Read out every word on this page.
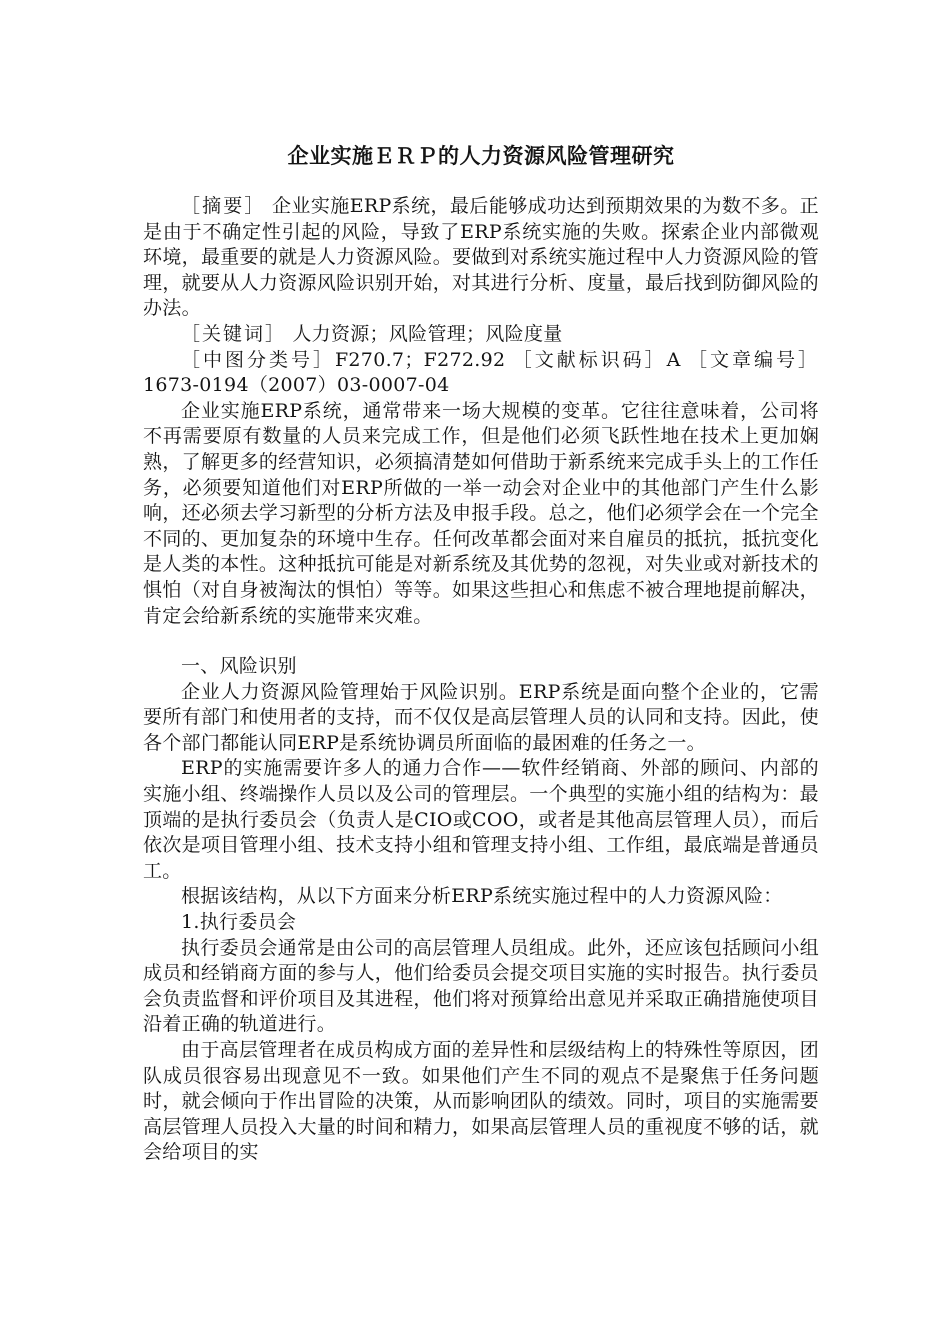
企业实施ＥＲＰ的人力资源风险管理研究

［摘要］ 企业实施ERP系统，最后能够成功达到预期效果的为数不多。正是由于不确定性引起的风险，导致了ERP系统实施的失败。探索企业内部微观环境，最重要的就是人力资源风险。要做到对系统实施过程中人力资源风险的管理，就要从人力资源风险识别开始，对其进行分析、度量，最后找到防御风险的办法。

［关键词］ 人力资源；风险管理；风险度量

［中图分类号］F270.7；F272.92 ［文献标识码］A ［文章编号］1673-0194（2007）03-0007-04

企业实施ERP系统，通常带来一场大规模的变革。它往往意味着，公司将不再需要原有数量的人员来完成工作，但是他们必须飞跃性地在技术上更加娴熟，了解更多的经营知识，必须搞清楚如何借助于新系统来完成手头上的工作任务，必须要知道他们对ERP所做的一举一动会对企业中的其他部门产生什么影响，还必须去学习新型的分析方法及申报手段。总之，他们必须学会在一个完全不同的、更加复杂的环境中生存。任何改革都会面对来自雇员的抵抗，抵抗变化是人类的本性。这种抵抗可能是对新系统及其优势的忽视，对失业或对新技术的惧怕（对自身被淘汰的惧怕）等等。如果这些担心和焦虑不被合理地提前解决，肯定会给新系统的实施带来灾难。

一、风险识别

企业人力资源风险管理始于风险识别。ERP系统是面向整个企业的，它需要所有部门和使用者的支持，而不仅仅是高层管理人员的认同和支持。因此，使各个部门都能认同ERP是系统协调员所面临的最困难的任务之一。

ERP的实施需要许多人的通力合作——软件经销商、外部的顾问、内部的实施小组、终端操作人员以及公司的管理层。一个典型的实施小组的结构为：最顶端的是执行委员会（负责人是CIO或COO，或者是其他高层管理人员），而后依次是项目管理小组、技术支持小组和管理支持小组、工作组，最底端是普通员工。

根据该结构，从以下方面来分析ERP系统实施过程中的人力资源风险：

1.执行委员会

执行委员会通常是由公司的高层管理人员组成。此外，还应该包括顾问小组成员和经销商方面的参与人，他们给委员会提交项目实施的实时报告。执行委员会负责监督和评价项目及其进程，他们将对预算给出意见并采取正确措施使项目沿着正确的轨道进行。

由于高层管理者在成员构成方面的差异性和层级结构上的特殊性等原因，团队成员很容易出现意见不一致。如果他们产生不同的观点不是聚焦于任务问题时，就会倾向于作出冒险的决策，从而影响团队的绩效。同时，项目的实施需要高层管理人员投入大量的时间和精力，如果高层管理人员的重视度不够的话，就会给项目的实
